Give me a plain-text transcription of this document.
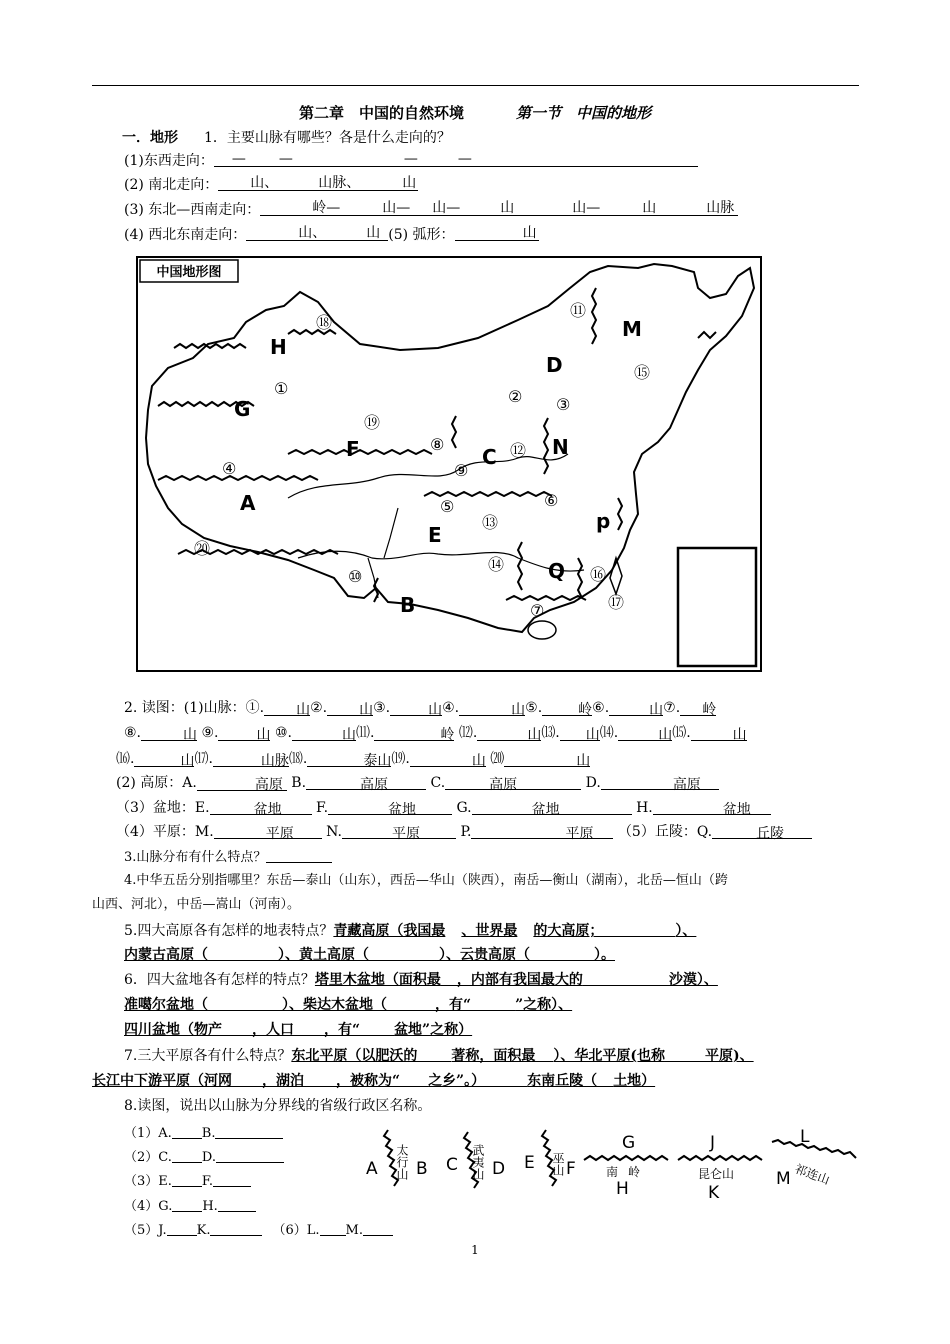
第二章　中国的自然环境	第一节　中国的地形
一．地形 1．主要山脉有哪些？各是什么走向的？
(1)东西走向： — —	—	—
(2) 南北走向： 山、	山脉、	山
(3) 东北—西南走向：	岭—	山— 山—	山	山—	山	山脉
(4) 西北东南走向：	山、	山 (5) 弧形：	山
中国地形图
H
G
F
A
E
B
M
D
C	N
p
Q
⑱
①
④
⑳
⑩
⑪
② ③
⑲
⑧
⑨
⑫
⑤	⑥
⑬
⑭
⑯
⑮
⑦	⑰
2. 读图：(1)山脉：①. 山②. 山③.	山④.	山⑤.	岭⑥.	山⑦. 岭
⑧.	山 ⑨.	山 ⑩.	山⑾.	岭 ⑿.	山⒀. 山⒁.	山⒂.	山
⒃.	山⒄.	山脉⒅.	泰山⒆.	山 ⒇	山
(2) 高原：A.	高原 B.	高原	C.	高原	D.	高原
（3）盆地：E.	盆地 F.	盆地	G.	盆地	H.	盆地
（4）平原：M.	平原 N.	平原	P.	平原 （5）丘陵：Q.	丘陵
3.山脉分布有什么特点？
4.中华五岳分别指哪里？东岳—泰山（山东），西岳—华山（陕西），南岳—衡山（湖南），北岳—恒山（跨
山西、河北），中岳—嵩山（河南）。
5.四大高原各有怎样的地表特点？青藏高原（我国最 、世界最 的大高原；	）、
内蒙古高原（	）、黄土高原（	）、云贵高原（	）。
6．四大盆地各有怎样的特点？塔里木盆地（面积最 ，内部有我国最大的	沙漠）、
准噶尔盆地（	）、柴达木盆地（	，有“	”之称）、
四川盆地（物产 ，人口 ，有“ 盆地”之称）
7.三大平原各有什么特点？东北平原（以肥沃的 著称，面积最 ）、华北平原(也称	平原)、
长江中下游平原（河网 ，湖泊 ，被称为“ 之乡”。）	东南丘陵（ 土地）
8.读图，说出以山脉为分界线的省级行政区名称。
（1）A. B.
（2）C. D.
（3）E. F.
（4）G. H.
（5）J. K.	（6）L. M.
A B
太行山 C D
武夷山 E F
巫山
G
H
南岭
J
K
昆仑山
L
M 祁连山
1
